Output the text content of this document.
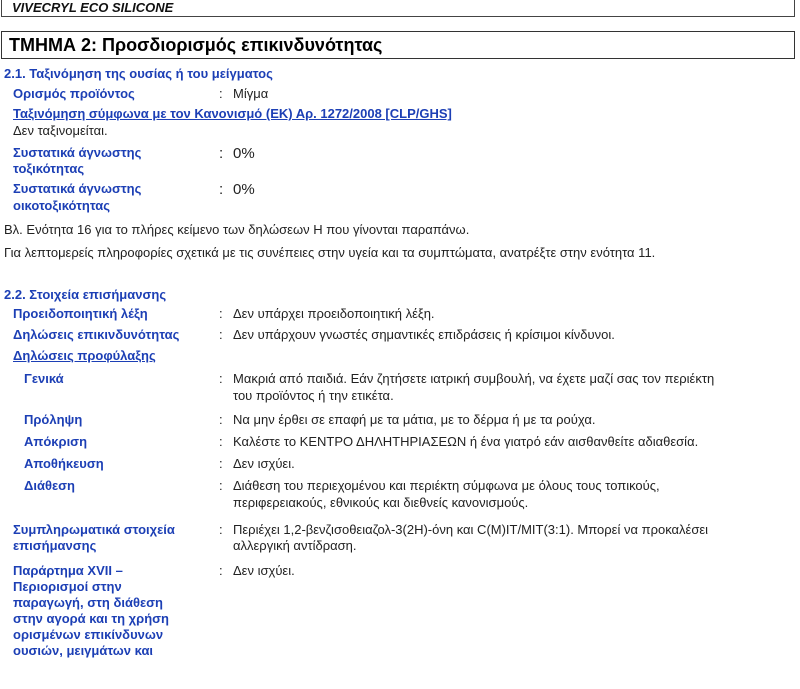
VIVECRYL ECO SILICONE
ΤΜΗΜΑ 2: Προσδιορισμός επικινδυνότητας
2.1. Ταξινόμηση της ουσίας ή του μείγματος
Ορισμός προϊόντος	: Μίγμα
Ταξινόμηση σύμφωνα με τον Κανονισμό (ΕΚ) Αρ. 1272/2008 [CLP/GHS]
Δεν ταξινομείται.
Συστατικά άγνωστης
τοξικότητας
: 0%
Συστατικά άγνωστης
οικοτοξικότητας
: 0%
Βλ. Ενότητα 16 για το πλήρες κείμενο των δηλώσεων Η που γίνονται παραπάνω.
Για λεπτομερείς πληροφορίες σχετικά με τις συνέπειες στην υγεία και τα συμπτώματα, ανατρέξτε στην ενότητα 11.
2.2. Στοιχεία επισήμανσης
Προειδοποιητική λέξη	: Δεν υπάρχει προειδοποιητική λέξη.
Δηλώσεις επικινδυνότητας	: Δεν υπάρχουν γνωστές σημαντικές επιδράσεις ή κρίσιμοι κίνδυνοι.
Δηλώσεις προφύλαξης
Γενικά	: Μακριά από παιδιά. Εάν ζητήσετε ιατρική συμβουλή, να έχετε μαζί σας τον περιέκτη
του προϊόντος ή την ετικέτα.
Πρόληψη	: Να μην έρθει σε επαφή με τα μάτια, με το δέρμα ή με τα ρούχα.
Απόκριση	: Καλέστε το ΚΕΝΤΡΟ ΔΗΛΗΤΗΡΙΑΣΕΩΝ ή ένα γιατρό εάν αισθανθείτε αδιαθεσία.
Αποθήκευση	: Δεν ισχύει.
Διάθεση	: Διάθεση του περιεχομένου και περιέκτη σύμφωνα με όλους τους τοπικούς,
περιφερειακούς, εθνικούς και διεθνείς κανονισμούς.
Συμπληρωματικά στοιχεία
επισήμανσης
: Περιέχει 1,2-βενζισοθειαζολ-3(2H)-όνη και C(M)IT/MIT(3:1). Μπορεί να προκαλέσει
αλλεργική αντίδραση.
Παράρτημα XVII –
Περιορισμοί στην
παραγωγή, στη διάθεση
στην αγορά και τη χρήση
ορισμένων επικίνδυνων
ουσιών, μειγμάτων και
: Δεν ισχύει.
